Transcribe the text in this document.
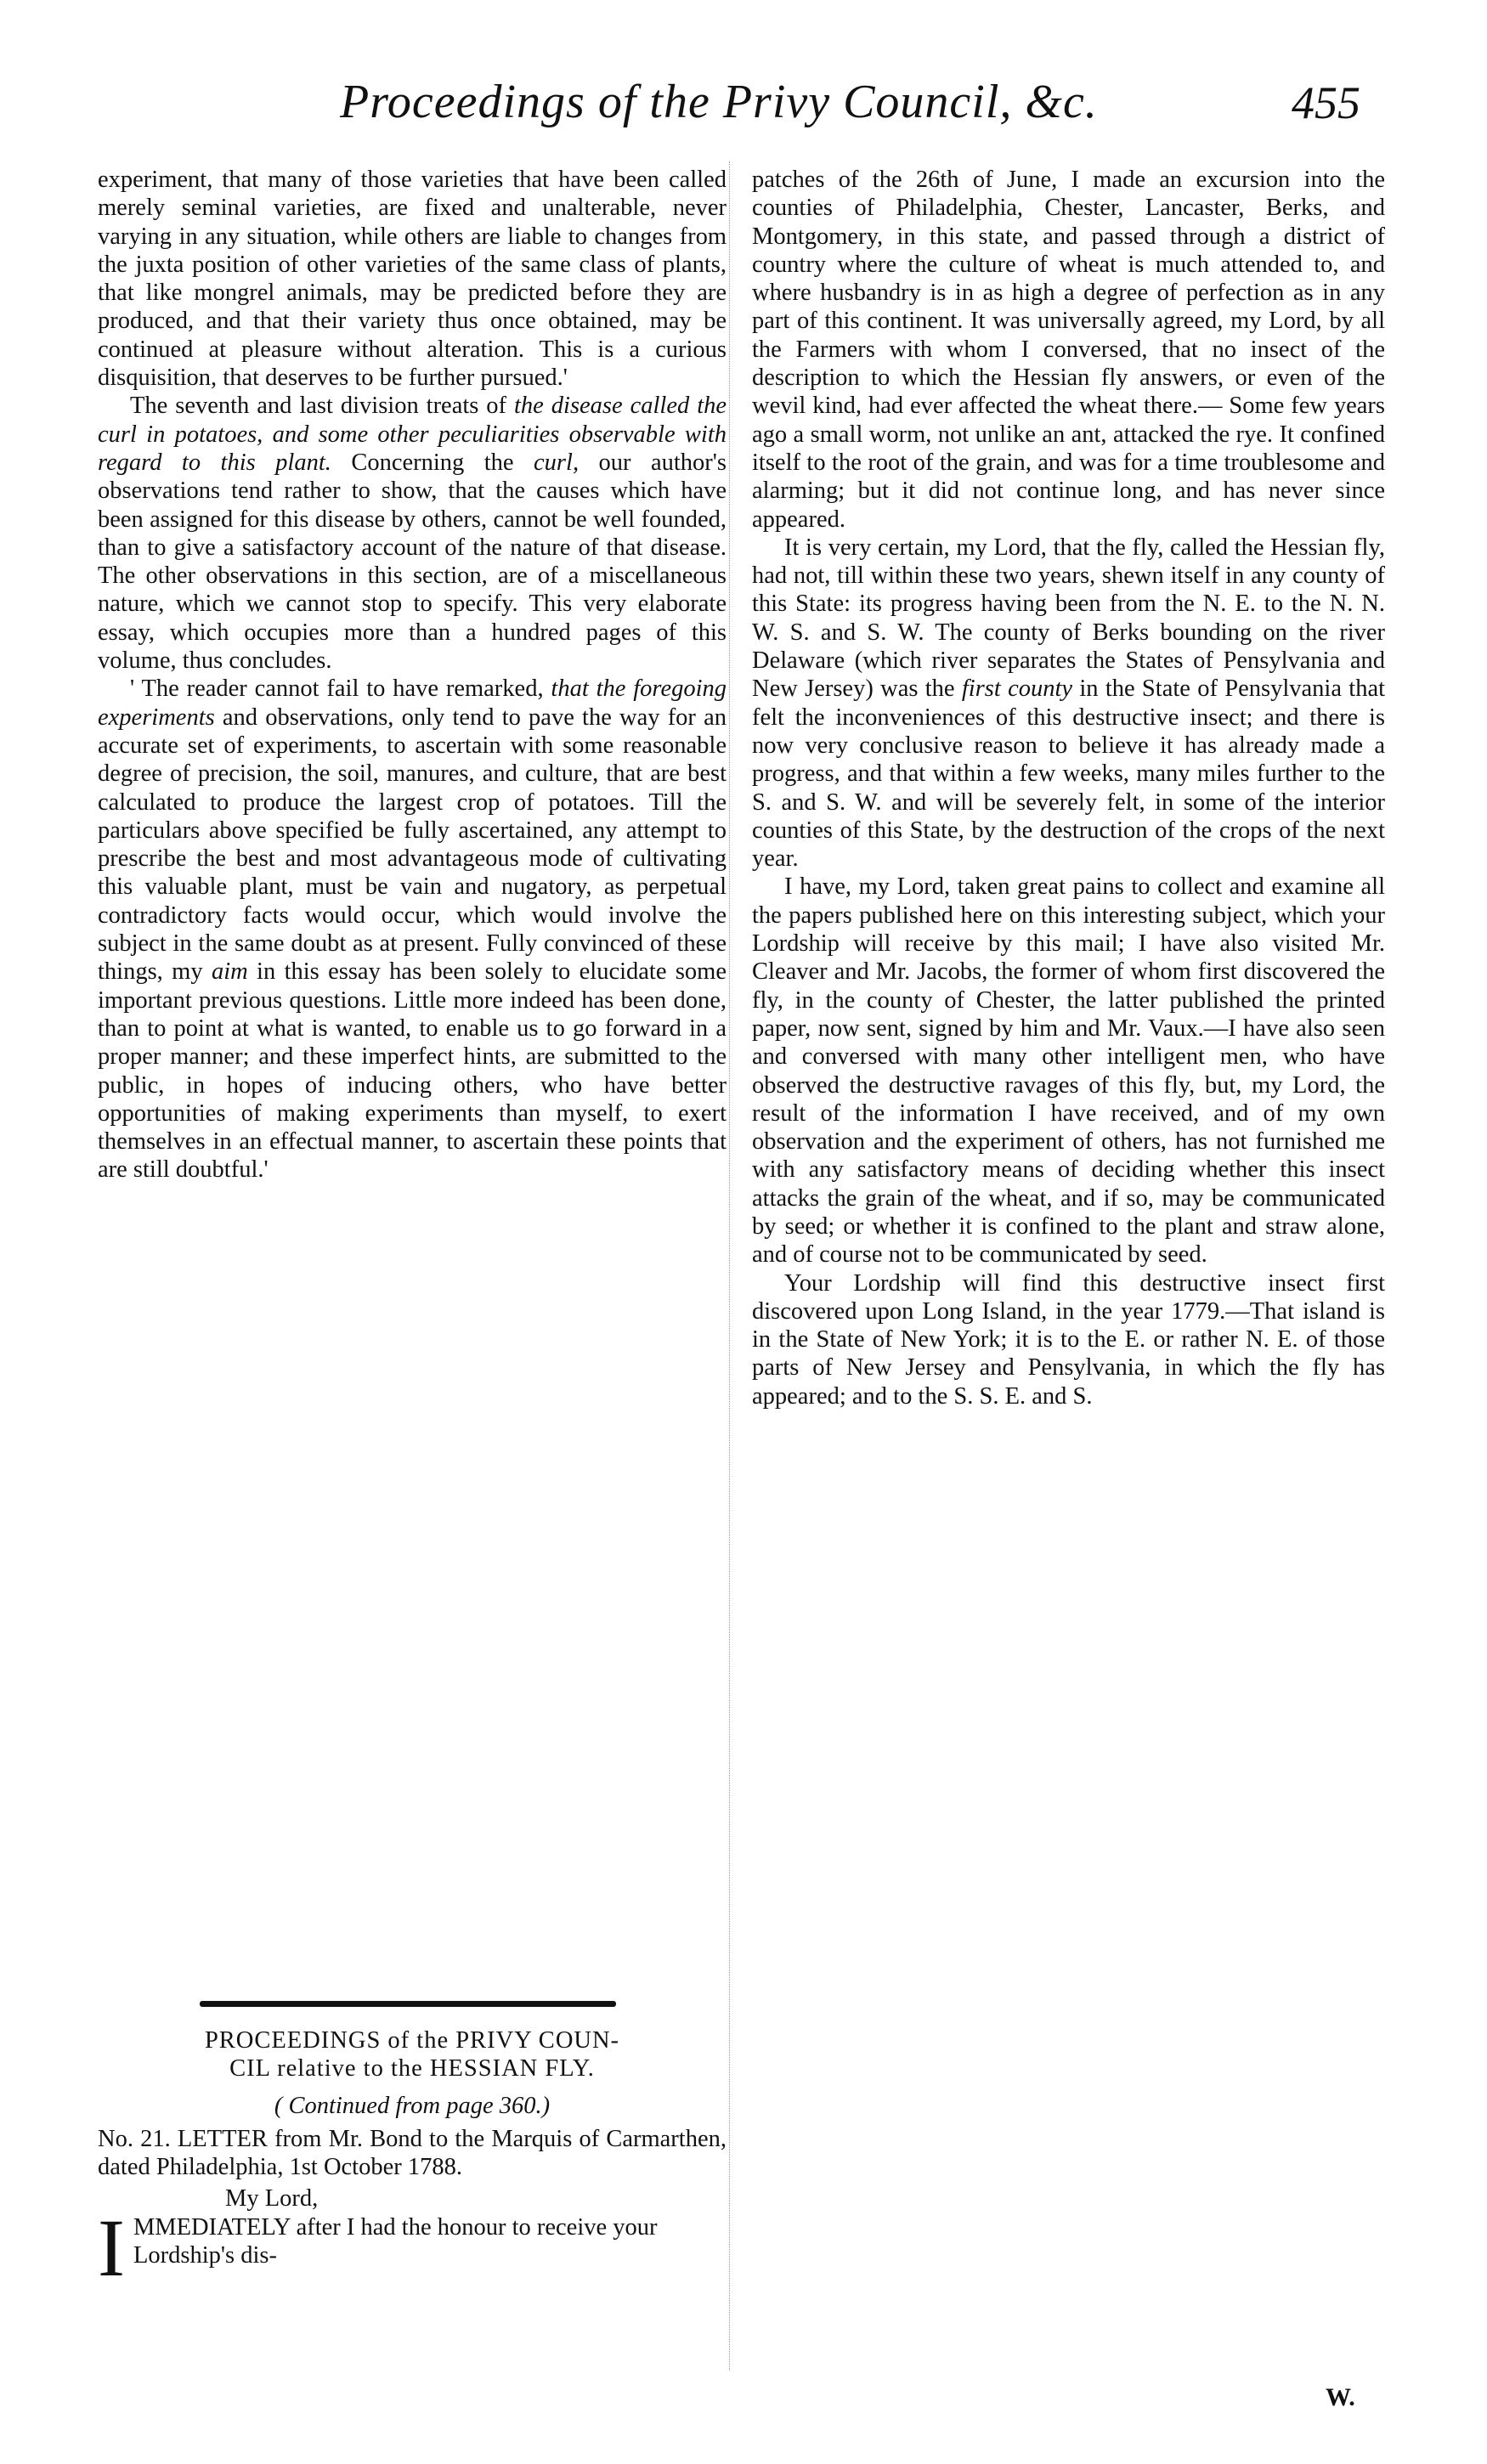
Proceedings of the Privy Council, &c.	455

experiment, that many of those varieties that have been called merely seminal varieties, are fixed and unalterable, never varying in any situation, while others are liable to changes from the juxta position of other varieties of the same class of plants, that like mongrel animals, may be predicted before they are produced, and that their variety thus once obtained, may be continued at pleasure without alteration. This is a curious disquisition, that deserves to be further pursued.'

The seventh and last division treats of the disease called the curl in potatoes, and some other peculiarities observable with regard to this plant. Concerning the curl, our author's observations tend rather to show, that the causes which have been assigned for this disease by others, cannot be well founded, than to give a satisfactory account of the nature of that disease. The other observations in this section, are of a miscellaneous nature, which we cannot stop to specify. This very elaborate essay, which occupies more than a hundred pages of this volume, thus concludes.

' The reader cannot fail to have remarked, that the foregoing experiments and observations, only tend to pave the way for an accurate set of experiments, to ascertain with some reasonable degree of precision, the soil, manures, and culture, that are best calculated to produce the largest crop of potatoes. Till the particulars above specified be fully ascertained, any attempt to prescribe the best and most advantageous mode of cultivating this valuable plant, must be vain and nugatory, as perpetual contradictory facts would occur, which would involve the subject in the same doubt as at present. Fully convinced of these things, my aim in this essay has been solely to elucidate some important previous questions. Little more indeed has been done, than to point at what is wanted, to enable us to go forward in a proper manner; and these imperfect hints, are submitted to the public, in hopes of inducing others, who have better opportunities of making experiments than myself, to exert themselves in an effectual manner, to ascertain these points that are still doubtful.'

PROCEEDINGS of the PRIVY COUN-
CIL relative to the HESSIAN FLY.
( Continued from page 360.)
No. 21. LETTER from Mr. Bond to the Marquis of Carmarthen, dated Philadelphia, 1st October 1788.
My Lord,
IMMEDIATELY after I had the honour to receive your Lordship's dis-

patches of the 26th of June, I made an excursion into the counties of Philadelphia, Chester, Lancaster, Berks, and Montgomery, in this state, and passed through a district of country where the culture of wheat is much attended to, and where husbandry is in as high a degree of perfection as in any part of this continent. It was universally agreed, my Lord, by all the Farmers with whom I conversed, that no insect of the description to which the Hessian fly answers, or even of the wevil kind, had ever affected the wheat there.— Some few years ago a small worm, not unlike an ant, attacked the rye. It confined itself to the root of the grain, and was for a time troublesome and alarming; but it did not continue long, and has never since appeared.

It is very certain, my Lord, that the fly, called the Hessian fly, had not, till within these two years, shewn itself in any county of this State: its progress having been from the N. E. to the N. N. W. S. and S. W. The county of Berks bounding on the river Delaware (which river separates the States of Pensylvania and New Jersey) was the first county in the State of Pensylvania that felt the inconveniences of this destructive insect; and there is now very conclusive reason to believe it has already made a progress, and that within a few weeks, many miles further to the S. and S. W. and will be severely felt, in some of the interior counties of this State, by the destruction of the crops of the next year.

I have, my Lord, taken great pains to collect and examine all the papers published here on this interesting subject, which your Lordship will receive by this mail; I have also visited Mr. Cleaver and Mr. Jacobs, the former of whom first discovered the fly, in the county of Chester, the latter published the printed paper, now sent, signed by him and Mr. Vaux.—I have also seen and conversed with many other intelligent men, who have observed the destructive ravages of this fly, but, my Lord, the result of the information I have received, and of my own observation and the experiment of others, has not furnished me with any satisfactory means of deciding whether this insect attacks the grain of the wheat, and if so, may be communicated by seed; or whether it is confined to the plant and straw alone, and of course not to be communicated by seed.

Your Lordship will find this destructive insect first discovered upon Long Island, in the year 1779.—That island is in the State of New York; it is to the E. or rather N. E. of those parts of New Jersey and Pensylvania, in which the fly has appeared; and to the S. S. E. and S.

W.
